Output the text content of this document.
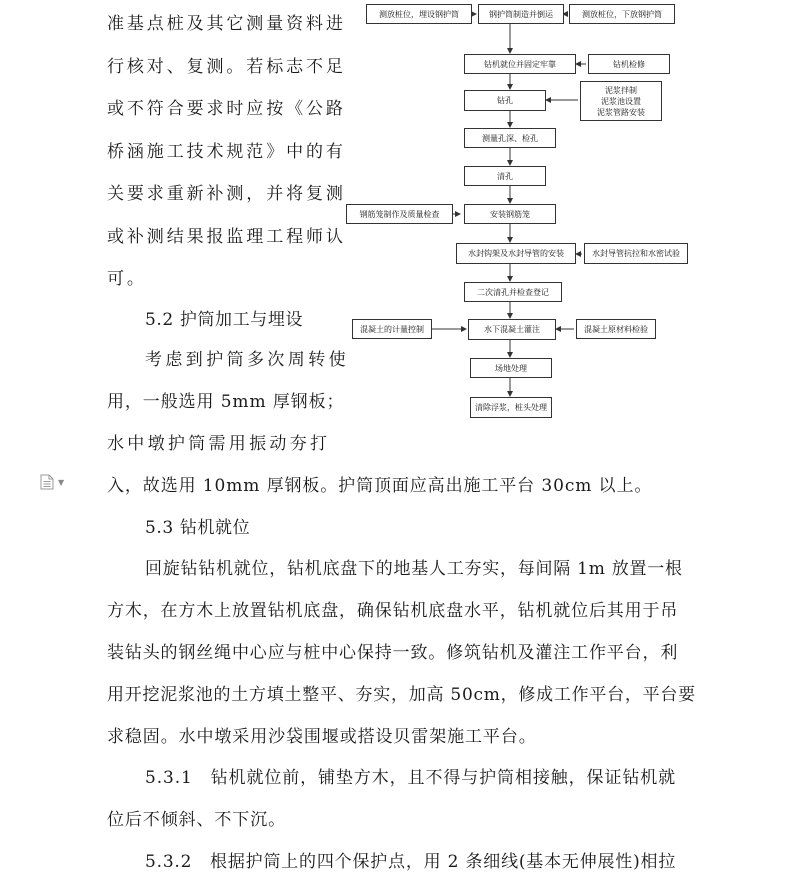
▼
准基点桩及其它测量资料进
行核对、复测。若标志不足
或不符合要求时应按《公路
桥涵施工技术规范》中的有
关要求重新补测，并将复测
或补测结果报监理工程师认
可。
5.2 护筒加工与埋设
考虑到护筒多次周转使
用，一般选用 5mm 厚钢板；
水中墩护筒需用振动夯打
入，故选用 10mm 厚钢板。护筒顶面应高出施工平台 30cm 以上。
5.3 钻机就位
回旋钻钻机就位，钻机底盘下的地基人工夯实，每间隔 1m 放置一根
方木，在方木上放置钻机底盘，确保钻机底盘水平，钻机就位后其用于吊
装钻头的钢丝绳中心应与桩中心保持一致。修筑钻机及灌注工作平台，利
用开挖泥浆池的土方填土整平、夯实，加高 50cm，修成工作平台，平台要
求稳固。水中墩采用沙袋围堰或搭设贝雷架施工平台。
5.3.1　钻机就位前，铺垫方木，且不得与护筒相接触，保证钻机就
位后不倾斜、不下沉。
5.3.2　根据护筒上的四个保护点，用 2 条细线(基本无伸展性)相拉
测放桩位，埋设钢护筒	钢护筒制造并倒运	测放桩位，下放钢护筒
钻机就位并固定牢靠	钻机检修
钻孔
泥浆拌制
泥浆池设置
泥浆管路安装
测量孔深、检孔
清孔
钢筋笼制作及质量检查	安装钢筋笼
水封钩架及水封导管的安装	水封导管抗拉和水密试验
二次清孔并检查登记
混凝土的计量控制	水下混凝土灌注	混凝土原材料检验
场地处理
清除浮浆，桩头处理
